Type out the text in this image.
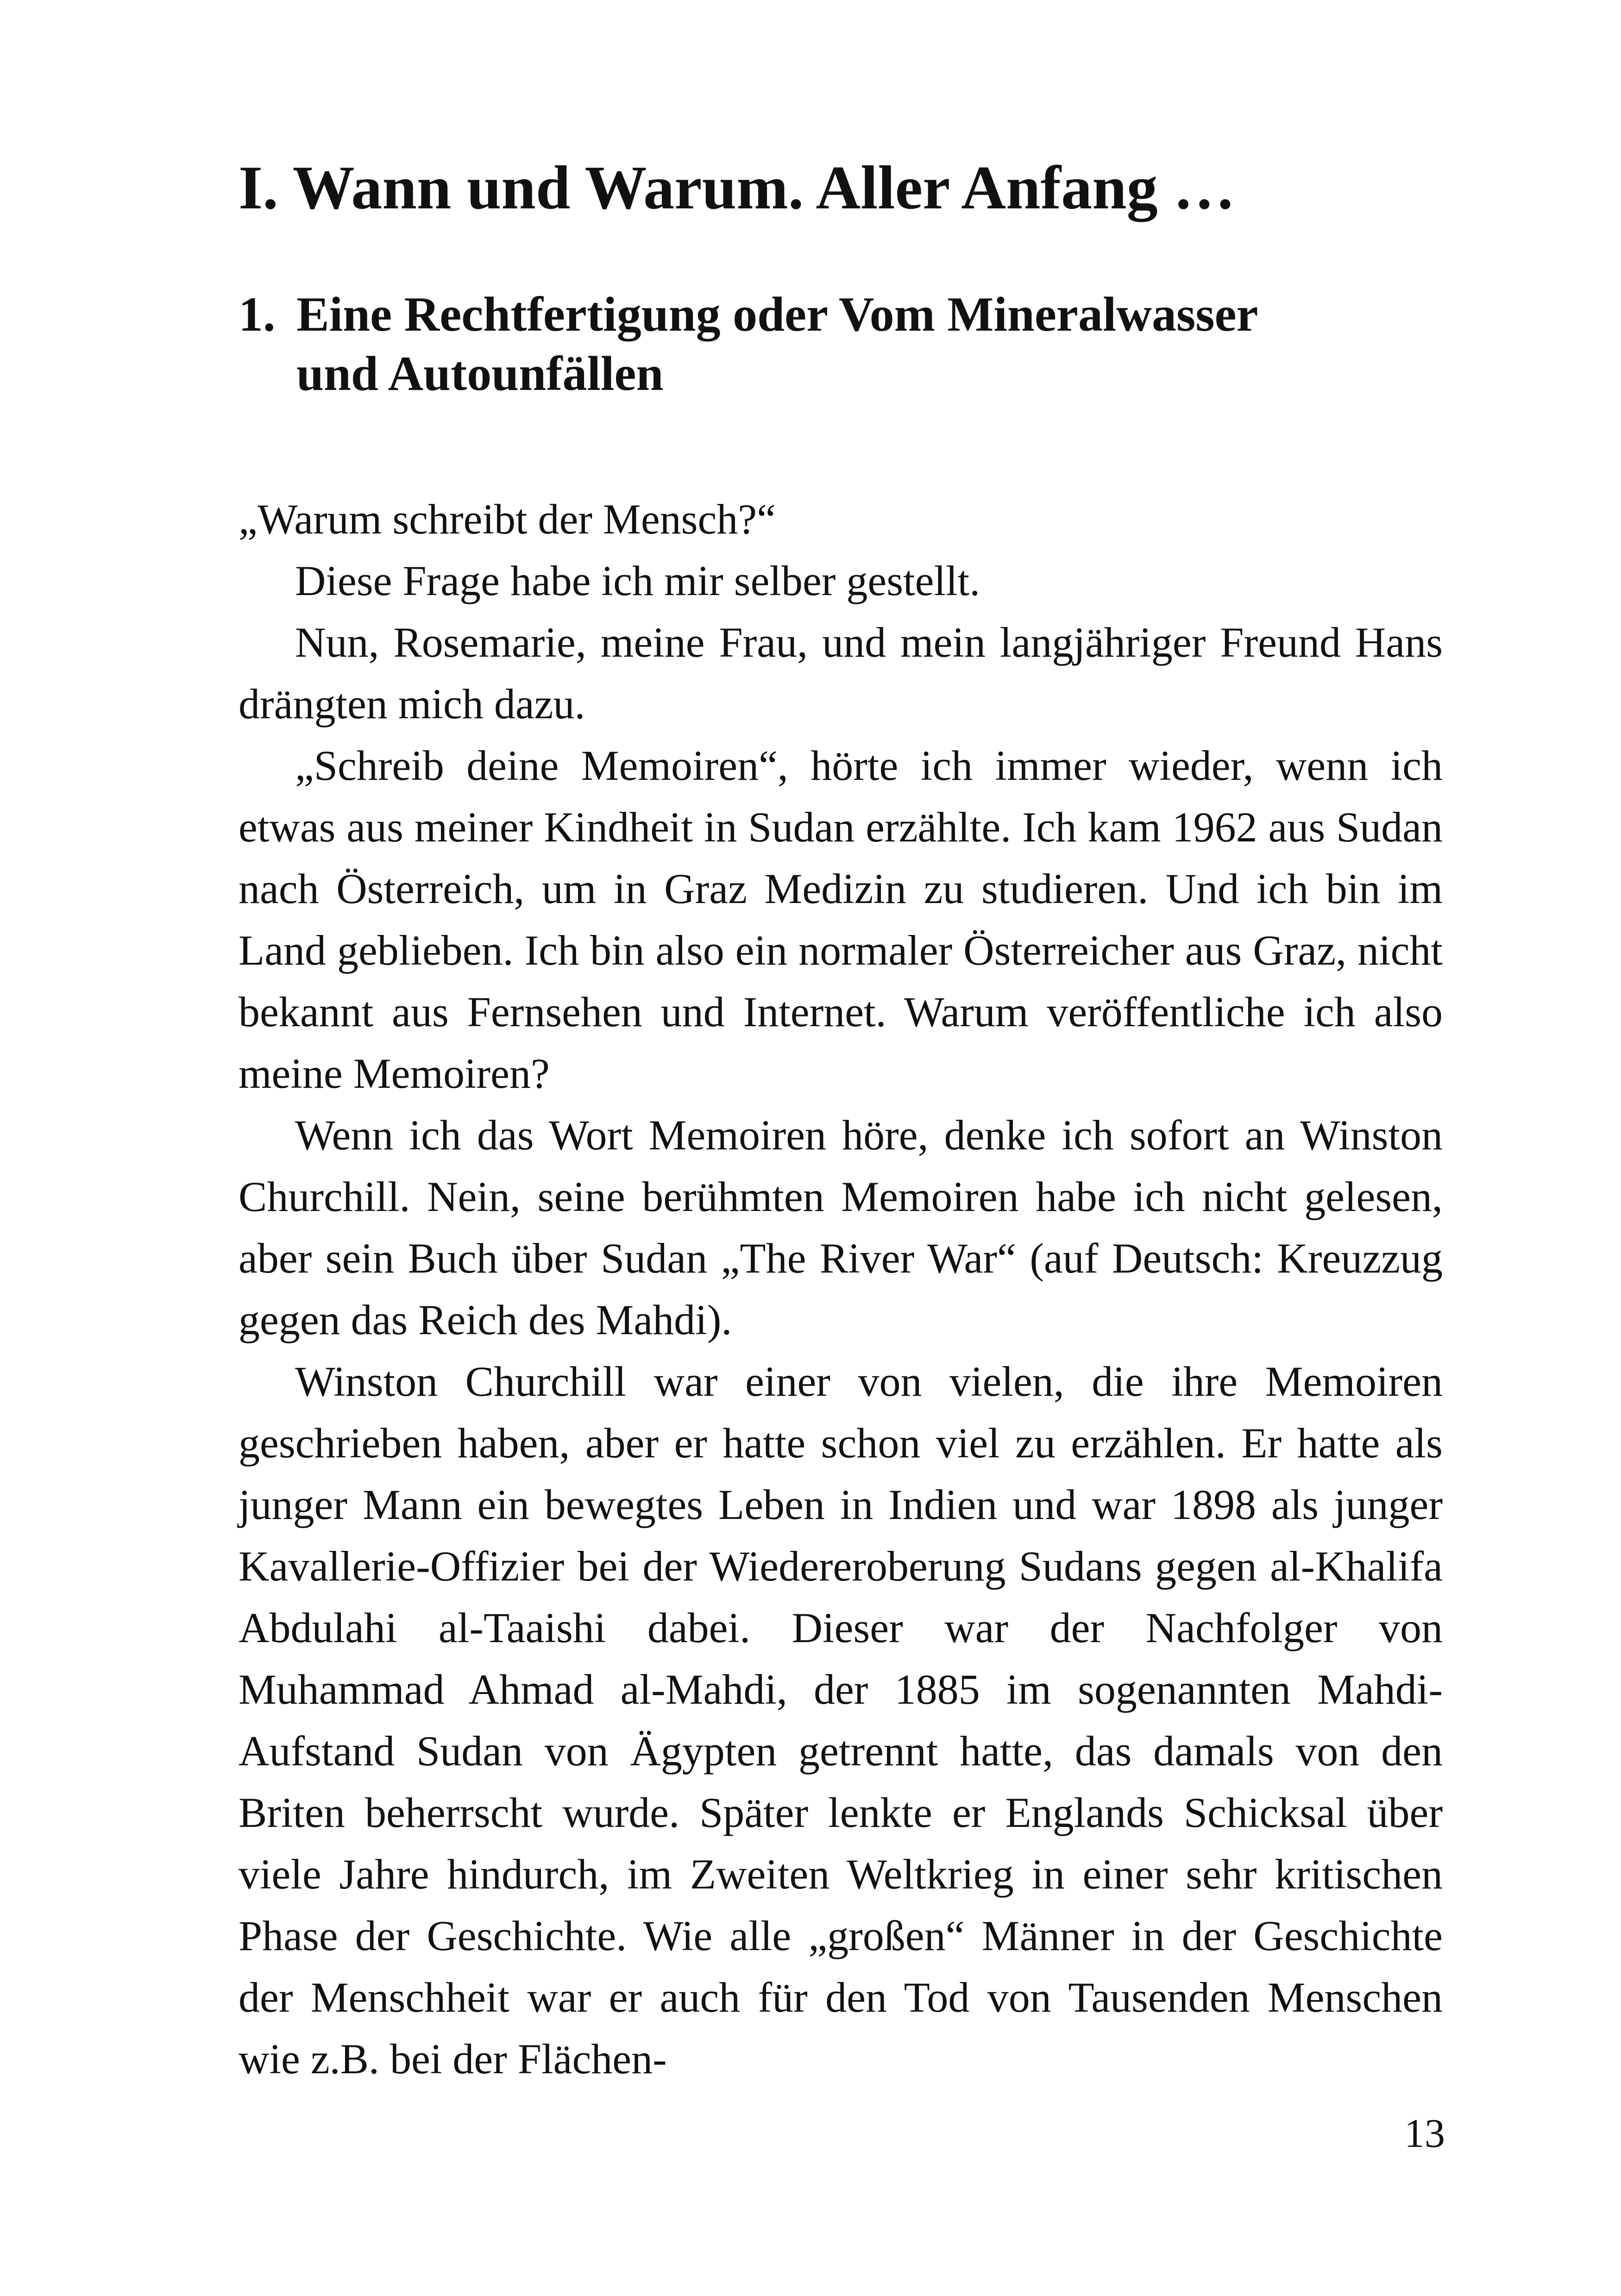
I. Wann und Warum. Aller Anfang …
1. Eine Rechtfertigung oder Vom Mineralwasser
und Autounfällen

„Warum schreibt der Mensch?“

Diese Frage habe ich mir selber gestellt.

Nun, Rosemarie, meine Frau, und mein langjähriger Freund Hans drängten mich dazu.

„Schreib deine Memoiren“, hörte ich immer wieder, wenn ich etwas aus meiner Kindheit in Sudan erzählte. Ich kam 1962 aus Sudan nach Österreich, um in Graz Medizin zu studieren. Und ich bin im Land geblieben. Ich bin also ein normaler Österreicher aus Graz, nicht bekannt aus Fernsehen und Internet. Warum veröffentliche ich also meine Memoiren?

Wenn ich das Wort Memoiren höre, denke ich sofort an Winston Churchill. Nein, seine berühmten Memoiren habe ich nicht gelesen, aber sein Buch über Sudan „The River War“ (auf Deutsch: Kreuzzug gegen das Reich des Mahdi).

Winston Churchill war einer von vielen, die ihre Memoiren geschrieben haben, aber er hatte schon viel zu erzählen. Er hatte als junger Mann ein bewegtes Leben in Indien und war 1898 als junger Kavallerie-Offizier bei der Wiedereroberung Sudans gegen al-Khalifa Abdulahi al-Taaishi dabei. Dieser war der Nachfolger von Muhammad Ahmad al-Mahdi, der 1885 im sogenannten Mahdi-Aufstand Sudan von Ägypten getrennt hatte, das damals von den Briten beherrscht wurde. Später lenkte er Englands Schicksal über viele Jahre hindurch, im Zweiten Weltkrieg in einer sehr kritischen Phase der Geschichte. Wie alle „großen“ Männer in der Geschichte der Menschheit war er auch für den Tod von Tausenden Menschen wie z.B. bei der Flächen-

13
